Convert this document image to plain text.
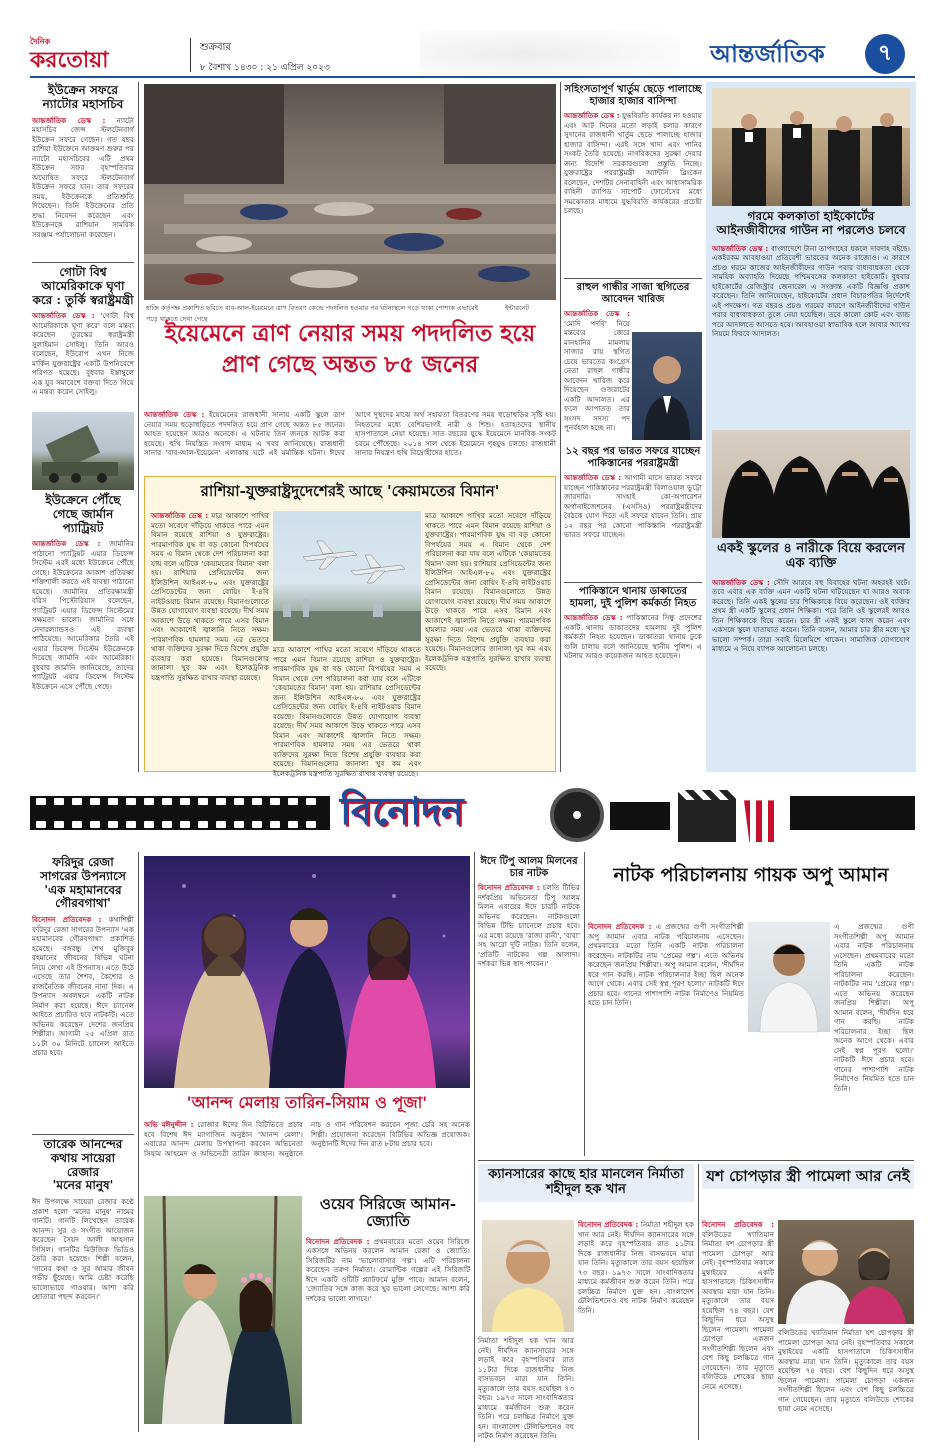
দৈনিক
করতোয়া	শুক্রবার
৮ বৈশাখ ১৪৩০ : ২১ এপ্রিল ২০২৩	আন্তর্জাতিক ৭
ইউক্রেন সফরে ন্যাটোর মহাসচিব
আন্তর্জাতিক ডেস্ক : ন্যাটো মহাসচিব জেন্স স্টলটেনবার্গ ইউক্রেন সফরে গেছেন। গত বছর রাশিয়া ইউক্রেনে আক্রমণ শুরুর পর ন্যাটো মহাসচিবের এটি প্রথম ইউক্রেন সফর বৃহস্পতিবার অঘোষিত সফরে স্টলটেনবার্গ ইউক্রেন সফরে যান। তার সফরের সময়, ইউক্রেনকে প্রতিশ্রুতি দিয়েছেন। তিনি ইউক্রেনের প্রতি শ্রদ্ধা নিবেদন করেছেন এবং ইউক্রেনকে রাশিয়ান সামরিক সরঞ্জাম পর্যালোচনা করেছেন।
গোটা বিশ্ব আমেরিকাকে ঘৃণা করে : তুর্কি স্বরাষ্ট্রমন্ত্রী
আন্তর্জাতিক ডেস্ক : 'গোটা বিশ্ব আমেরিকাকে ঘৃণা করে' বলে মন্তব্য করেছেন তুরস্কের স্বরাষ্ট্রমন্ত্রী সুলাইমান সোইলু। তিনি আরও বলেছেন, ইউরোপ এখন নিজে মার্কিন যুক্তরাষ্ট্রের একটি উপনিবেশে পরিণত হয়েছে। বুধবার ইস্তাম্বুলে এক যুব সমাবেশে বক্তব্য দিতে গিয়ে এ মন্তব্য করেন সোইলু।
ইউক্রেনে পৌঁছে গেছে জার্মান প্যাট্রিয়ট
আন্তর্জাতিক ডেস্ক : জার্মানির পাঠানো প্যাট্রিয়ট এয়ার ডিফেন্স সিস্টেম এরই মধ্যে ইউক্রেনে পৌঁছে গেছে। ইউক্রেনের আকাশ প্রতিরক্ষা শক্তিশালী করতে এই ব্যবস্থা পাঠানো হয়েছে। জার্মানির প্রতিরক্ষামন্ত্রী বরিস পিস্টোরিয়াস বলেছেন, প্যাট্রিয়ট এয়ার ডিফেন্স সিস্টেমের সক্ষমতা ভালো। জার্মানির সঙ্গে নেদারল্যান্ডসও এই ব্যবস্থা পাঠিয়েছে। আমেরিকার তৈরি এই এয়ার ডিফেন্স সিস্টেম ইউক্রেনকে দিয়েছে জার্মানি এবং আমেরিকা। বুধবার জার্মানি জানিয়েছে, তাদের প্যাট্রিয়ট এয়ার ডিফেন্স সিস্টেম ইউক্রেনে এসে পৌঁছে গেছে।
হাজি কর্তৃপক্ষ প্রকাশিত ছবিতে বাব-আল-ইয়েমেনে ত্রাণ বিতরণ কেন্দ্রে পদদলিত হওয়ার পর ঘটনাস্থলে পড়ে থাকা পোশাক এভাবেই পড়ে থাকতে দেখা গেছে
ইন্টারনেট
ইয়েমেনে ত্রাণ নেয়ার সময় পদদলিত হয়ে প্রাণ গেছে অন্তত ৮৫ জনের
আন্তর্জাতিক ডেস্ক : ইয়েমেনের রাজধানী সানায় একটি স্কুলে ত্রাণ নেয়ার সময় হুড়োহুড়িতে পদদলিত হয়ে প্রাণ গেছে অন্তত ৮৫ জনের। আহত হয়েছেন আরও অনেকে। এ ঘটনায় তিন জনকে আটক করা হয়েছে। হুথি নিয়ন্ত্রিত সংবাদ মাধ্যম এ খবর জানিয়েছে। রাজধানী সানার 'বাব-আল-ইয়েমেন' এলাকায় ঘটে এই মর্মান্তিক ঘটনা। ঈদের আগে দুস্থদের মাঝে অর্থ সহায়তা বিতরণের সময় হুড়োহুড়ির সৃষ্টি হয়। নিহতদের মধ্যে বেশিরভাগই নারী ও শিশু। হতাহতদের স্থানীয় হাসপাতালে নেয়া হয়েছে। সাত বছরের যুদ্ধে ইয়েমেনে মানবিক সংকট চরমে পৌঁছেছে। ২০১৪ সাল থেকে ইয়েমেনে গৃহযুদ্ধ চলছে। রাজধানী সানার নিয়ন্ত্রণ হুথি বিদ্রোহীদের হাতে।
সহিংসতাপূর্ণ খার্তুম ছেড়ে পালাচ্ছে হাজার হাজার বাসিন্দা
আন্তর্জাতিক ডেস্ক : যুদ্ধবিরতি কার্যকর না হওয়ায় এবং আট দিনের মতো লড়াই চলার কারণে সুদানের রাজধানী খার্তুম ছেড়ে পালাচ্ছে হাজার হাজার বাসিন্দা। এরই সঙ্গে খাদ্য এবং পানির সংকট তৈরি হয়েছে। নাগরিকদের সুরক্ষা দেয়ার জন্য বিদেশি সরকারগুলো প্রস্তুতি নিচ্ছে। যুক্তরাষ্ট্রের পররাষ্ট্রমন্ত্রী অ্যান্টনি ব্লিংকেন বলেছেন, দেশটির সেনাবাহিনী এবং আধাসামরিক বাহিনী র‌্যাপিড সাপোর্ট ফোর্সেসের মধ্যে সমঝোতার মাধ্যমে যুদ্ধবিরতি কার্যকরের প্রচেষ্টা চলছে।
রাহুল গান্ধীর সাজা স্থগিতের আবেদন খারিজ
আন্তর্জাতিক ডেস্ক : 'মোদি পদবি' নিয়ে মন্তব্যের জেরে মানহানির মামলায় সাজার রায় স্থগিত চেয়ে ভারতের কংগ্রেস নেতা রাহুল গান্ধীর আবেদন খারিজ করে দিয়েছেন গুজরাটের একটি আদালত। এর ফলে আপাতত তার সংসদ সদস্য পদ পুনর্বহাল হচ্ছে না।
১২ বছর পর ভারত সফরে যাচ্ছেন পাকিস্তানের পররাষ্ট্রমন্ত্রী
আন্তর্জাতিক ডেস্ক : আগামী মাসে ভারত সফরে যাচ্ছেন পাকিস্তানের পররাষ্ট্রমন্ত্রী বিলাওয়াল ভুট্টো জারদারি। সাংহাই কো-অপারেশন অর্গানাইজেশনের (এসসিও) পররাষ্ট্রমন্ত্রীদের বৈঠকে যোগ দিতে এই সফরে যাবেন তিনি। প্রায় ১২ বছর পর কোনো পাকিস্তানি পররাষ্ট্রমন্ত্রী ভারত সফরে যাচ্ছেন।
পাকিস্তানে থানায় ডাকাতের হামলা, দুই পুলিশ কর্মকর্তা নিহত
আন্তর্জাতিক ডেস্ক : পাকিস্তানের সিন্ধু প্রদেশের একটি থানায় ডাকাতদের হামলায় দুই পুলিশ কর্মকর্তা নিহত হয়েছেন। ডাকাতরা থানায় ঢুকে গুলি চালায় বলে জানিয়েছে স্থানীয় পুলিশ। এ ঘটনায় আরও কয়েকজন আহত হয়েছেন।
রাশিয়া-যুক্তরাষ্ট্রদুদেশেরই আছে 'কেয়ামতের বিমান'
আন্তর্জাতিক ডেস্ক : মাত্র আকাশে পাখির মতো সবেগে দাঁড়িয়ে থাকতে পারে এমন বিমান রয়েছে রাশিয়া ও যুক্তরাষ্ট্রের। পারমাণবিক যুদ্ধ বা বড় কোনো বিপর্যয়ের সময় এ বিমান থেকে দেশ পরিচালনা করা যায় বলে এটিকে 'কেয়ামতের বিমান' বলা হয়। রাশিয়ার প্রেসিডেন্টের জন্য ইলিউশিন আইএল-৮০ এবং যুক্তরাষ্ট্রের প্রেসিডেন্টের জন্য বোয়িং ই-৪বি নাইটওয়াচ বিমান রয়েছে। বিমানগুলোতে উন্নত যোগাযোগ ব্যবস্থা রয়েছে। দীর্ঘ সময় আকাশে উড়ে থাকতে পারে এসব বিমান এবং আকাশেই জ্বালানি নিতে সক্ষম। পারমাণবিক হামলার সময় এর ভেতরে থাকা ব্যক্তিদের সুরক্ষা দিতে বিশেষ প্রযুক্তি ব্যবহার করা হয়েছে। বিমানগুলোর জানালা খুব কম এবং ইলেকট্রনিক যন্ত্রপাতি সুরক্ষিত রাখার ব্যবস্থা রয়েছে।
মাত্র আকাশে পাখির মতো সবেগে দাঁড়িয়ে থাকতে পারে এমন বিমান রয়েছে রাশিয়া ও যুক্তরাষ্ট্রের। পারমাণবিক যুদ্ধ বা বড় কোনো বিপর্যয়ের সময় এ বিমান থেকে দেশ পরিচালনা করা যায় বলে এটিকে 'কেয়ামতের বিমান' বলা হয়। রাশিয়ার প্রেসিডেন্টের জন্য ইলিউশিন আইএল-৮০ এবং যুক্তরাষ্ট্রের প্রেসিডেন্টের জন্য বোয়িং ই-৪বি নাইটওয়াচ বিমান রয়েছে। বিমানগুলোতে উন্নত যোগাযোগ ব্যবস্থা রয়েছে। দীর্ঘ সময় আকাশে উড়ে থাকতে পারে এসব বিমান এবং আকাশেই জ্বালানি নিতে সক্ষম। পারমাণবিক হামলার সময় এর ভেতরে থাকা ব্যক্তিদের সুরক্ষা দিতে বিশেষ প্রযুক্তি ব্যবহার করা হয়েছে। বিমানগুলোর জানালা খুব কম এবং ইলেকট্রনিক যন্ত্রপাতি সুরক্ষিত রাখার ব্যবস্থা রয়েছে।
মাত্র আকাশে পাখির মতো সবেগে দাঁড়িয়ে থাকতে পারে এমন বিমান রয়েছে রাশিয়া ও যুক্তরাষ্ট্রের। পারমাণবিক যুদ্ধ বা বড় কোনো বিপর্যয়ের সময় এ বিমান থেকে দেশ পরিচালনা করা যায় বলে এটিকে 'কেয়ামতের বিমান' বলা হয়। রাশিয়ার প্রেসিডেন্টের জন্য ইলিউশিন আইএল-৮০ এবং যুক্তরাষ্ট্রের প্রেসিডেন্টের জন্য বোয়িং ই-৪বি নাইটওয়াচ বিমান রয়েছে। বিমানগুলোতে উন্নত যোগাযোগ ব্যবস্থা রয়েছে। দীর্ঘ সময় আকাশে উড়ে থাকতে পারে এসব বিমান এবং আকাশেই জ্বালানি নিতে সক্ষম। পারমাণবিক হামলার সময় এর ভেতরে থাকা ব্যক্তিদের সুরক্ষা দিতে বিশেষ প্রযুক্তি ব্যবহার করা হয়েছে। বিমানগুলোর জানালা খুব কম এবং ইলেকট্রনিক যন্ত্রপাতি সুরক্ষিত রাখার ব্যবস্থা রয়েছে।
গরমে কলকাতা হাইকোর্টের আইনজীবীদের গাউন না পরলেও চলবে
আন্তর্জাতিক ডেস্ক : বাংলাদেশে টানা তাপদাহের ধকলে দাবদাহ বইছে। একইরকম আবহাওয়া প্রতিবেশী ভারতের অনেক রাজ্যেও। এ কারণে প্রচণ্ড গরমে কাজের আইনজীবীদের গাউন পরার বাধ্যবাধকতা থেকে সাময়িক অব্যাহতি দিয়েছে পশ্চিমবঙ্গের কলকাতা হাইকোর্ট। বুধবার হাইকোর্টের রেজিস্ট্রার জেনারেল এ সংক্রান্ত একটি বিজ্ঞপ্তি প্রকাশ করেছেন। তিনি জানিয়েছেন, হাইকোর্টের প্রধান বিচারপতির নির্দেশেই এই পদক্ষেপ। গত বছরও প্রচণ্ড গরমের কারণে আইনজীবীদের গাউন পরার বাধ্যবাধকতা তুলে নেয়া হয়েছিল। তবে কালো কোট এবং ব্যান্ড পরে আদালতে আসতে হবে। আবহাওয়া স্বাভাবিক হলে আবার আগের নিয়মে ফিরবে আদালত।
একই স্কুলের ৪ নারীকে বিয়ে করলেন এক ব্যক্তি
আন্তর্জাতিক ডেস্ক : সৌদি আরবে বহু বিবাহের ঘটনা অহরহই ঘটে। তবে এবার এক ব্যক্তি এমন একটি ঘটনা ঘটিয়েছেন যা আরও অবাক করেছে। তিনি একই স্কুলের চার শিক্ষিকাকে বিয়ে করেছেন। ওই ব্যক্তির প্রথম স্ত্রী একটি স্কুলের প্রধান শিক্ষিকা। পরে তিনি ওই স্কুলেরই আরও তিন শিক্ষিকাকে বিয়ে করেন। চার স্ত্রী একই স্কুলে কাজ করেন এবং একসঙ্গে স্কুলে যাতায়াত করেন। তিনি বলেন, আমার চার স্ত্রীর মধ্যে খুব ভালো সম্পর্ক। তারা সবাই মিলেমিশে থাকেন। সামাজিক যোগাযোগ মাধ্যমে এ নিয়ে ব্যাপক আলোচনা চলছে।
বিনোদন
ফরিদুর রেজা
সাগরের উপন্যাসে
'এক মহামানবের গৌরবগাথা'
বিনোদন প্রতিবেদক : কথাশিল্পী ফরিদুর রেজা সাগরের উপন্যাস 'এক মহামানবের গৌরবগাথা' প্রকাশিত হয়েছে। বঙ্গবন্ধু শেখ মুজিবুর রহমানের জীবনের বিভিন্ন ঘটনা নিয়ে লেখা এই উপন্যাস। এতে উঠে এসেছে তার শৈশব, কৈশোর ও রাজনৈতিক জীবনের নানা দিক। এ উপন্যাস অবলম্বনে একটি নাটক নির্মাণ করা হয়েছে। ঈদে চ্যানেল আইতে প্রচারিত হবে নাটকটি। এতে অভিনয় করেছেন দেশের জনপ্রিয় শিল্পীরা। আগামী ২৫ এপ্রিল রাত ১১টা ৩০ মিনিটে চ্যানেল আইতে প্রচার হবে।
তারেক আনন্দের
কথায় সায়েরা
রেজার
'মনের মানুষ'
ঈদ উপলক্ষে সায়েরা রেজার কণ্ঠে প্রকাশ হলো 'মনের মানুষ' নামের গানটি। গানটি লিখেছেন তারেক আনন্দ। সুর ও সংগীত আয়োজন করেছেন সৈয়দ আলী আহসান সিসিল। গানটির মিউজিক ভিডিও তৈরি করা হয়েছে। শিল্পী বলেন, 'গানের কথা ও সুর আমার জীবন গভীর ছুঁয়েছে। আমি চেষ্টা করেছি ভালোভাবে গাওয়ার। আশা করি শ্রোতারা পছন্দ করবেন।'
'আনন্দ মেলায় তারিন-সিয়াম ও পূজা'
অভি মঈনুদ্দীন : রোজার ঈদের দিন বিটিভিতে প্রচার হবে বিশেষ ঈদ ম্যাগাজিন অনুষ্ঠান 'আনন্দ মেলা'। এবারের আনন্দ মেলায় উপস্থাপনা করবেন অভিনেতা সিয়াম আহমেদ ও অভিনেত্রী তারিন জাহান। অনুষ্ঠানে নাচ ও গান পরিবেশন করবেন পূজা চেরি সহ অনেক শিল্পী। প্রযোজনা করেছেন বিটিভির অভিজ্ঞ প্রযোজক। অনুষ্ঠানটি ঈদের দিন রাত ৮টায় প্রচার হবে।
ওয়েব সিরিজে আমান-জ্যোতি
বিনোদন প্রতিবেদক : প্রথমবারের মতো ওয়েব সিরিজে একসঙ্গে অভিনয় করলেন আমান রেজা ও জ্যোতি। সিরিজটির নাম 'ভালোবাসার গল্প'। এটি পরিচালনা করেছেন তরুণ নির্মাতা। রোমান্টিক গল্পের এই সিরিজটি ঈদে একটি ওটিটি প্ল্যাটফর্মে মুক্তি পাবে। আমান বলেন, 'জ্যোতির সঙ্গে কাজ করে খুব ভালো লেগেছে। আশা করি দর্শকের ভালো লাগবে।'
ঈদে টিপু আলম মিলনের চার নাটক
বিনোদন প্রতিবেদক : চলতি টিভির দর্শকপ্রিয় অভিনেতা টিপু আলম মিলন এবারের ঈদে চারটি নাটকে অভিনয় করেছেন। নাটকগুলো বিভিন্ন টিভি চ্যানেলে প্রচার হবে। এর মধ্যে রয়েছে 'রাজা রানী', 'বাবা' সহ আরো দুটি নাটক। তিনি বলেন, 'প্রতিটি নাটকের গল্প আলাদা। দর্শকরা ভিন্ন স্বাদ পাবেন।'
নাটক পরিচালনায় গায়ক অপু আমান
বিনোদন প্রতিবেদক : এ প্রজন্মের গুণী সংগীতশিল্পী অপু আমান এবার নাটক পরিচালনায় এসেছেন। প্রথমবারের মতো তিনি একটি নাটক পরিচালনা করেছেন। নাটকটির নাম 'প্রেমের গল্প'। এতে অভিনয় করেছেন জনপ্রিয় শিল্পীরা। অপু আমান বলেন, 'দীর্ঘদিন ধরে গান করছি। নাটক পরিচালনার ইচ্ছা ছিল অনেক আগে থেকে। এবার সেই স্বপ্ন পূরণ হলো।' নাটকটি ঈদে প্রচার হবে। গানের পাশাপাশি নাটক নির্মাণেও নিয়মিত হতে চান তিনি।
এ প্রজন্মের গুণী সংগীতশিল্পী অপু আমান এবার নাটক পরিচালনায় এসেছেন। প্রথমবারের মতো তিনি একটি নাটক পরিচালনা করেছেন। নাটকটির নাম 'প্রেমের গল্প'। এতে অভিনয় করেছেন জনপ্রিয় শিল্পীরা। অপু আমান বলেন, 'দীর্ঘদিন ধরে গান করছি। নাটক পরিচালনার ইচ্ছা ছিল অনেক আগে থেকে। এবার সেই স্বপ্ন পূরণ হলো।' নাটকটি ঈদে প্রচার হবে। গানের পাশাপাশি নাটক নির্মাণেও নিয়মিত হতে চান তিনি।
ক্যানসারের কাছে হার মানলেন নির্মাতা শহীদুল হক খান
বিনোদন প্রতিবেদক : নির্মাতা শহীদুল হক খান আর নেই। দীর্ঘদিন ক্যানসারের সঙ্গে লড়াই করে বৃহস্পতিবার রাত ১১টার দিকে রাজধানীর নিজ বাসভবনে মারা যান তিনি। মৃত্যুকালে তার বয়স হয়েছিল ৭৩ বছর। ১৯৭৩ সালে সাংবাদিকতার মাধ্যমে কর্মজীবন শুরু করেন তিনি। পরে চলচ্চিত্র নির্মাণে যুক্ত হন। বাংলাদেশ টেলিভিশনেও বহু নাটক নির্মাণ করেছেন তিনি।
নির্মাতা শহীদুল হক খান আর নেই। দীর্ঘদিন ক্যানসারের সঙ্গে লড়াই করে বৃহস্পতিবার রাত ১১টার দিকে রাজধানীর নিজ বাসভবনে মারা যান তিনি। মৃত্যুকালে তার বয়স হয়েছিল ৭৩ বছর। ১৯৭৩ সালে সাংবাদিকতার মাধ্যমে কর্মজীবন শুরু করেন তিনি। পরে চলচ্চিত্র নির্মাণে যুক্ত হন। বাংলাদেশ টেলিভিশনেও বহু নাটক নির্মাণ করেছেন তিনি।
যশ চোপড়ার স্ত্রী পামেলা আর নেই
বিনোদন প্রতিবেদক : বলিউডের খ্যাতিমান নির্মাতা যশ চোপড়ার স্ত্রী পামেলা চোপড়া আর নেই। বৃহস্পতিবার সকালে মুম্বাইয়ের একটি হাসপাতালে চিকিৎসাধীন অবস্থায় মারা যান তিনি। মৃত্যুকালে তার বয়স হয়েছিল ৭৪ বছর। বেশ কিছুদিন ধরে অসুস্থ ছিলেন পামেলা। পামেলা চোপড়া একজন সংগীতশিল্পী ছিলেন এবং বেশ কিছু চলচ্চিত্রে গান গেয়েছেন। তার মৃত্যুতে বলিউডে শোকের ছায়া নেমে এসেছে।
বলিউডের খ্যাতিমান নির্মাতা যশ চোপড়ার স্ত্রী পামেলা চোপড়া আর নেই। বৃহস্পতিবার সকালে মুম্বাইয়ের একটি হাসপাতালে চিকিৎসাধীন অবস্থায় মারা যান তিনি। মৃত্যুকালে তার বয়স হয়েছিল ৭৪ বছর। বেশ কিছুদিন ধরে অসুস্থ ছিলেন পামেলা। পামেলা চোপড়া একজন সংগীতশিল্পী ছিলেন এবং বেশ কিছু চলচ্চিত্রে গান গেয়েছেন। তার মৃত্যুতে বলিউডে শোকের ছায়া নেমে এসেছে।
